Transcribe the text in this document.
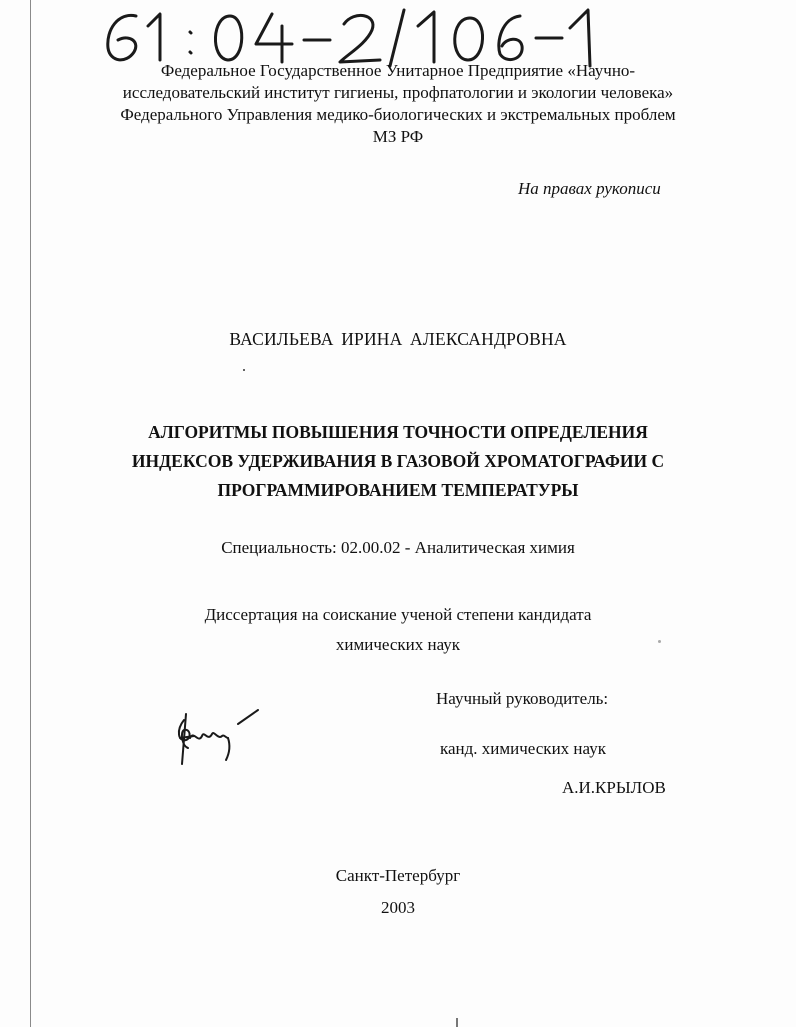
Федеральное Государственное Унитарное Предприятие «Научно-
исследовательский институт гигиены, профпатологии и экологии человека»
Федерального Управления медико-биологических и экстремальных проблем
МЗ РФ
На правах рукописи
ВАСИЛЬЕВА ИРИНА АЛЕКСАНДРОВНА
АЛГОРИТМЫ ПОВЫШЕНИЯ ТОЧНОСТИ ОПРЕДЕЛЕНИЯ
ИНДЕКСОВ УДЕРЖИВАНИЯ В ГАЗОВОЙ ХРОМАТОГРАФИИ С
ПРОГРАММИРОВАНИЕМ ТЕМПЕРАТУРЫ
Специальность: 02.00.02 - Аналитическая химия
Диссертация на соискание ученой степени кандидата
химических наук
Научный руководитель:
канд. химических наук
А.И.КРЫЛОВ
Санкт-Петербург
2003
